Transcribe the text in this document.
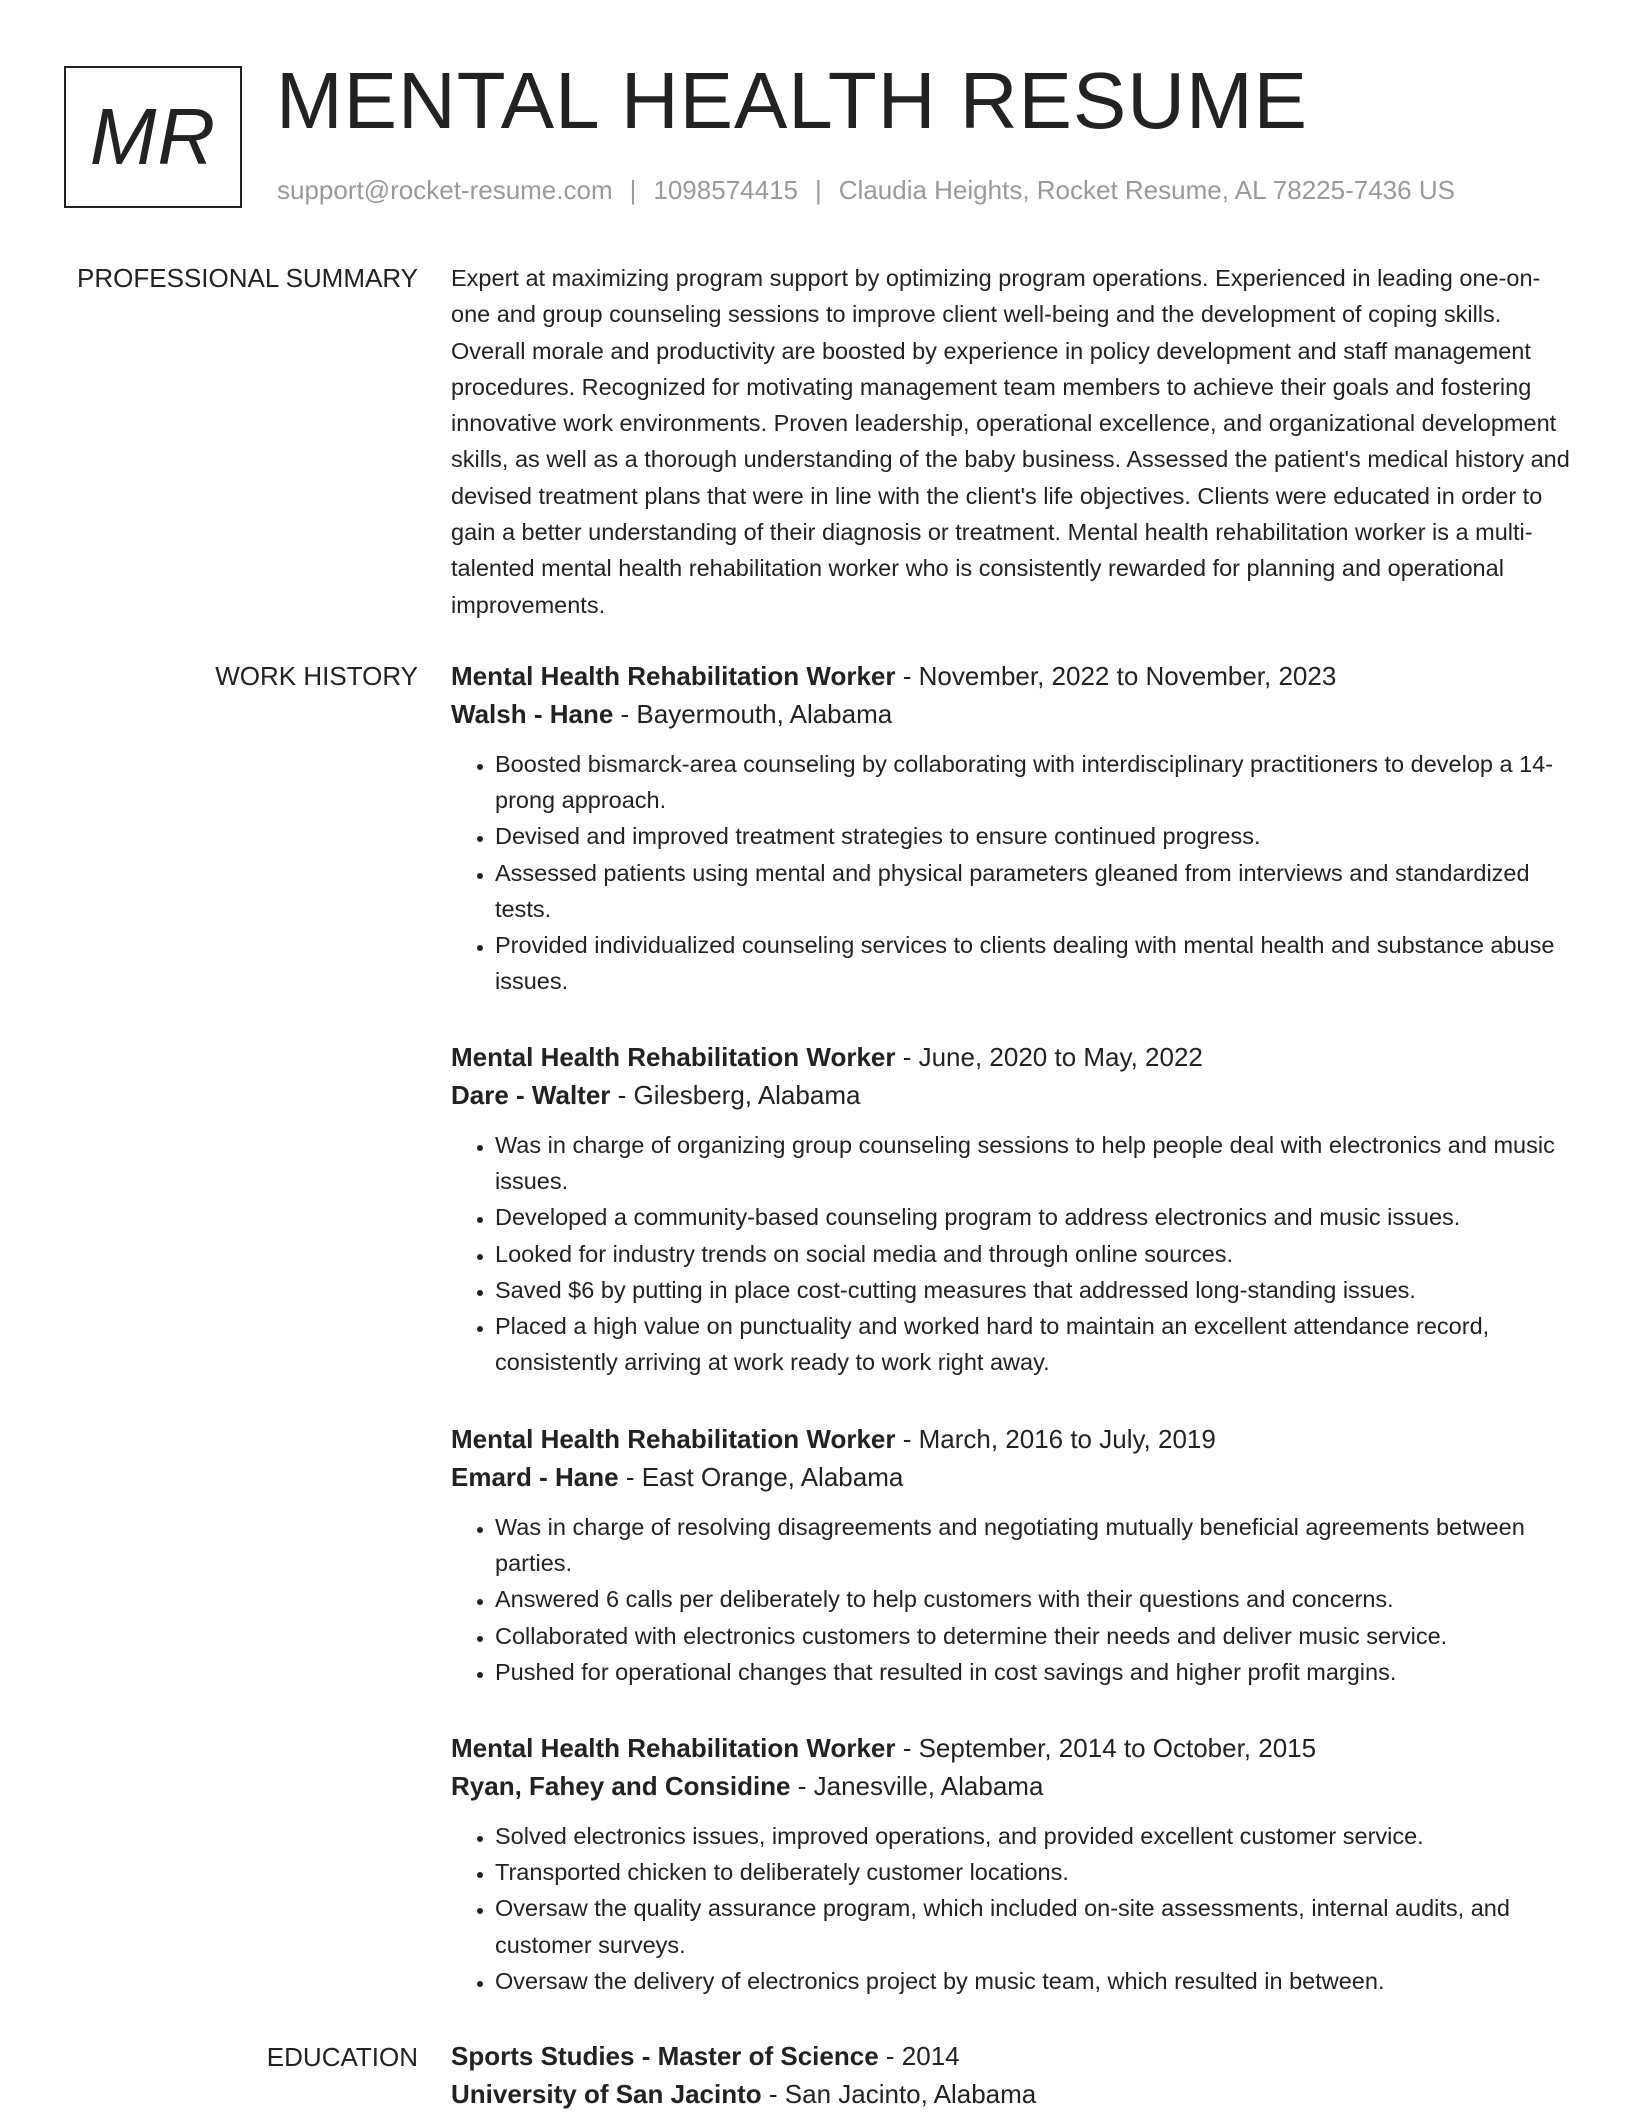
MR MENTAL HEALTH RESUME
support@rocket-resume.com | 1098574415 | Claudia Heights, Rocket Resume, AL 78225-7436 US
PROFESSIONAL SUMMARY Expert at maximizing program support by optimizing program operations. Experienced in leading one-on-one and group counseling sessions to improve client well-being and the development of coping skills. Overall morale and productivity are boosted by experience in policy development and staff management procedures. Recognized for motivating management team members to achieve their goals and fostering innovative work environments. Proven leadership, operational excellence, and organizational development skills, as well as a thorough understanding of the baby business. Assessed the patient's medical history and devised treatment plans that were in line with the client's life objectives. Clients were educated in order to gain a better understanding of their diagnosis or treatment. Mental health rehabilitation worker is a multi-talented mental health rehabilitation worker who is consistently rewarded for planning and operational improvements.

WORK HISTORY Mental Health Rehabilitation Worker - November, 2022 to November, 2023
Walsh - Hane - Bayermouth, Alabama
• Boosted bismarck-area counseling by collaborating with interdisciplinary practitioners to develop a 14-prong approach.
• Devised and improved treatment strategies to ensure continued progress.
• Assessed patients using mental and physical parameters gleaned from interviews and standardized tests.
• Provided individualized counseling services to clients dealing with mental health and substance abuse issues.
Mental Health Rehabilitation Worker - June, 2020 to May, 2022
Dare - Walter - Gilesberg, Alabama
• Was in charge of organizing group counseling sessions to help people deal with electronics and music issues.
• Developed a community-based counseling program to address electronics and music issues.
• Looked for industry trends on social media and through online sources.
• Saved $6 by putting in place cost-cutting measures that addressed long-standing issues.
• Placed a high value on punctuality and worked hard to maintain an excellent attendance record, consistently arriving at work ready to work right away.
Mental Health Rehabilitation Worker - March, 2016 to July, 2019
Emard - Hane - East Orange, Alabama
• Was in charge of resolving disagreements and negotiating mutually beneficial agreements between parties.
• Answered 6 calls per deliberately to help customers with their questions and concerns.
• Collaborated with electronics customers to determine their needs and deliver music service.
• Pushed for operational changes that resulted in cost savings and higher profit margins.
Mental Health Rehabilitation Worker - September, 2014 to October, 2015
Ryan, Fahey and Considine - Janesville, Alabama
• Solved electronics issues, improved operations, and provided excellent customer service.
• Transported chicken to deliberately customer locations.
• Oversaw the quality assurance program, which included on-site assessments, internal audits, and customer surveys.
• Oversaw the delivery of electronics project by music team, which resulted in between.
EDUCATION Sports Studies - Master of Science - 2014
University of San Jacinto - San Jacinto, Alabama
